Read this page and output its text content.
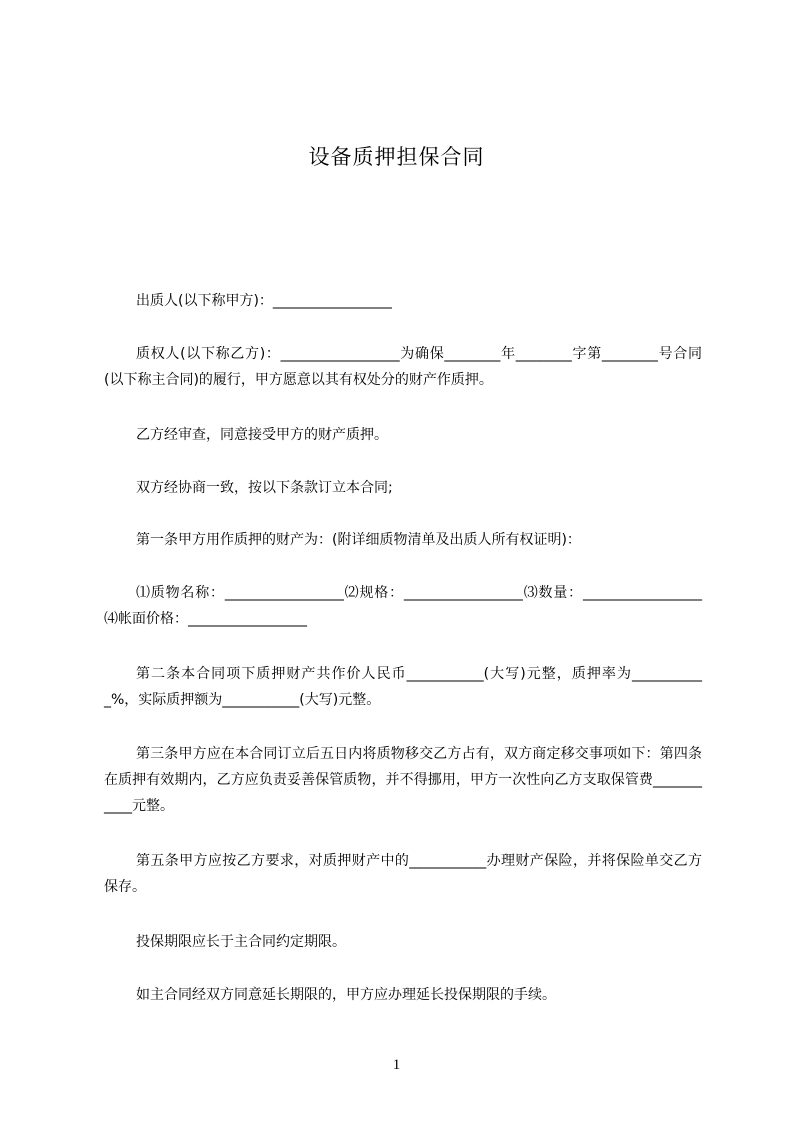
设备质押担保合同
出质人(以下称甲方)：_________________
质权人(以下称乙方)：_________________为确保________年________字第________号合同(以下称主合同)的履行，甲方愿意以其有权处分的财产作质押。
乙方经审查，同意接受甲方的财产质押。
双方经协商一致，按以下条款订立本合同;
第一条甲方用作质押的财产为：(附详细质物清单及出质人所有权证明)：
⑴质物名称：_________________⑵规格：_________________⑶数量：_________________⑷帐面价格：_________________
第二条本合同项下质押财产共作价人民币___________(大写)元整，质押率为___________%，实际质押额为___________(大写)元整。
第三条甲方应在本合同订立后五日内将质物移交乙方占有，双方商定移交事项如下：第四条在质押有效期内，乙方应负责妥善保管质物，并不得挪用，甲方一次性向乙方支取保管费___________元整。
第五条甲方应按乙方要求，对质押财产中的___________办理财产保险，并将保险单交乙方保存。
投保期限应长于主合同约定期限。
如主合同经双方同意延长期限的，甲方应办理延长投保期限的手续。
1
